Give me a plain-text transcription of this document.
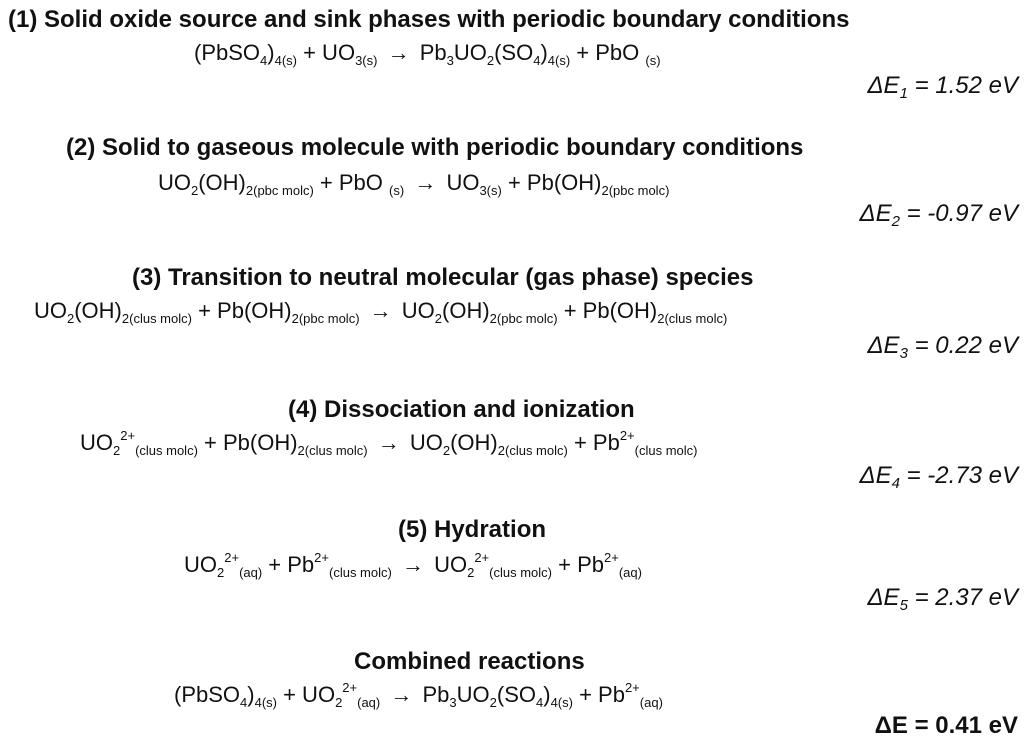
(1) Solid oxide source and sink phases with periodic boundary conditions
$(PbSO_4)_{4(s)} + UO_{3(s)} \to Pb_3UO_2(SO_4)_{4(s)}$ + PbO $_{(s)}$
$\Delta E_1 = 1.52$ eV
(2) Solid to gaseous molecule with periodic boundary conditions
$UO_2(OH)_{2(pbc molc)}$ + PbO $_{(s)} \to UO_{3(s)} + Pb(OH)_{2(pbc molc)}$
$\Delta E_2 = -0.97$ eV
(3) Transition to neutral molecular (gas phase) species
$UO_2(OH)_{2(clus molc)} + Pb(OH)_{2(pbc molc)} \to UO_2(OH)_{2(pbc molc)} + Pb(OH)_{2(clus molc)}$
$\Delta E_3 = 0.22$ eV
(4) Dissociation and ionization
$UO_2^{2+}_{(clus molc)} + Pb(OH)_{2(clus molc)} \to UO_2(OH)_{2(clus molc)} + Pb^{2+}_{(clus molc)}$
$\Delta E_4 = -2.73$ eV
(5) Hydration
$UO_2^{2+}_{(aq)} + Pb^{2+}_{(clus molc)} \to UO_2^{2+}_{(clus molc)} + Pb^{2+}_{(aq)}$
$\Delta E_5 = 2.37$ eV
Combined reactions
$(PbSO_4)_{4(s)} + UO_2^{2+}_{(aq)} \to Pb_3UO_2(SO_4)_{4(s)} + Pb^{2+}_{(aq)}$
ΔE = 0.41 eV
